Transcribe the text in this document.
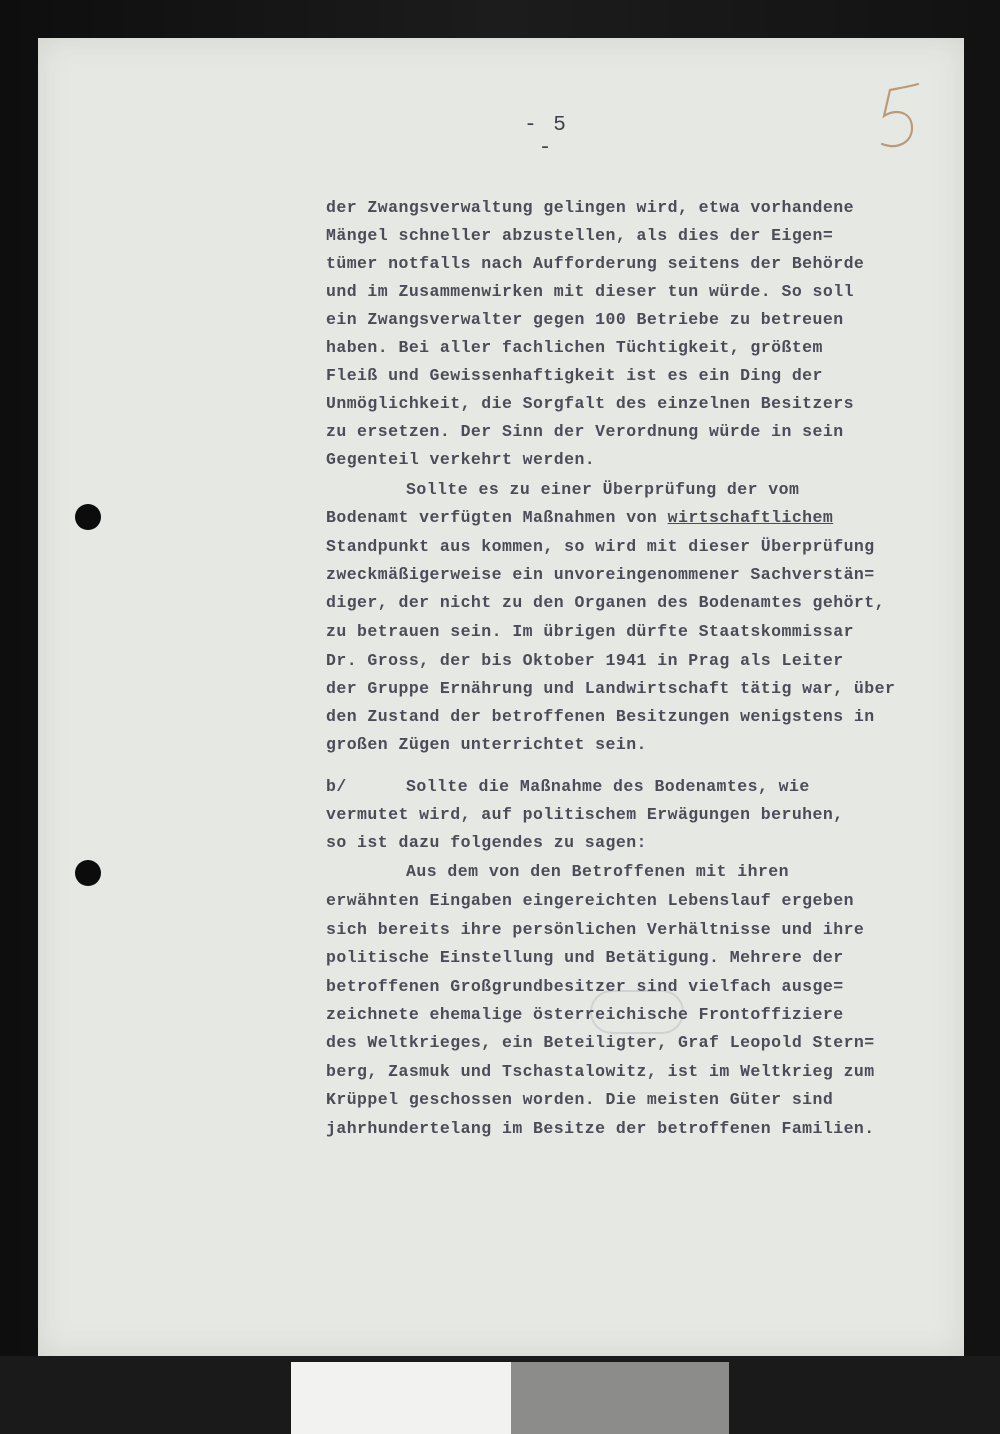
- 5 -
der Zwangsverwaltung gelingen wird, etwa vorhandene
Mängel schneller abzustellen, als dies der Eigen=
tümer notfalls nach Aufforderung seitens der Behörde
und im Zusammenwirken mit dieser tun würde. So soll
ein Zwangsverwalter gegen 100 Betriebe zu betreuen
haben. Bei aller fachlichen Tüchtigkeit, größtem
Fleiß und Gewissenhaftigkeit ist es ein Ding der
Unmöglichkeit, die Sorgfalt des einzelnen Besitzers
zu ersetzen. Der Sinn der Verordnung würde in sein
Gegenteil verkehrt werden.
Sollte es zu einer Überprüfung der vom
Bodenamt verfügten Maßnahmen von wirtschaftlichem
Standpunkt aus kommen, so wird mit dieser Überprüfung
zweckmäßigerweise ein unvoreingenommener Sachverstän=
diger, der nicht zu den Organen des Bodenamtes gehört,
zu betrauen sein. Im übrigen dürfte Staatskommissar
Dr. Gross, der bis Oktober 1941 in Prag als Leiter
der Gruppe Ernährung und Landwirtschaft tätig war, über
den Zustand der betroffenen Besitzungen wenigstens in
großen Zügen unterrichtet sein.
b/	Sollte die Maßnahme des Bodenamtes, wie
vermutet wird, auf politischem Erwägungen beruhen,
so ist dazu folgendes zu sagen:
Aus dem von den Betroffenen mit ihren
erwähnten Eingaben eingereichten Lebenslauf ergeben
sich bereits ihre persönlichen Verhältnisse und ihre
politische Einstellung und Betätigung. Mehrere der
betroffenen Großgrundbesitzer sind vielfach ausge=
zeichnete ehemalige österreichische Frontoffiziere
des Weltkrieges, ein Beteiligter, Graf Leopold Stern=
berg, Zasmuk und Tschastalowitz, ist im Weltkrieg zum
Krüppel geschossen worden. Die meisten Güter sind
jahrhundertelang im Besitze der betroffenen Familien.
